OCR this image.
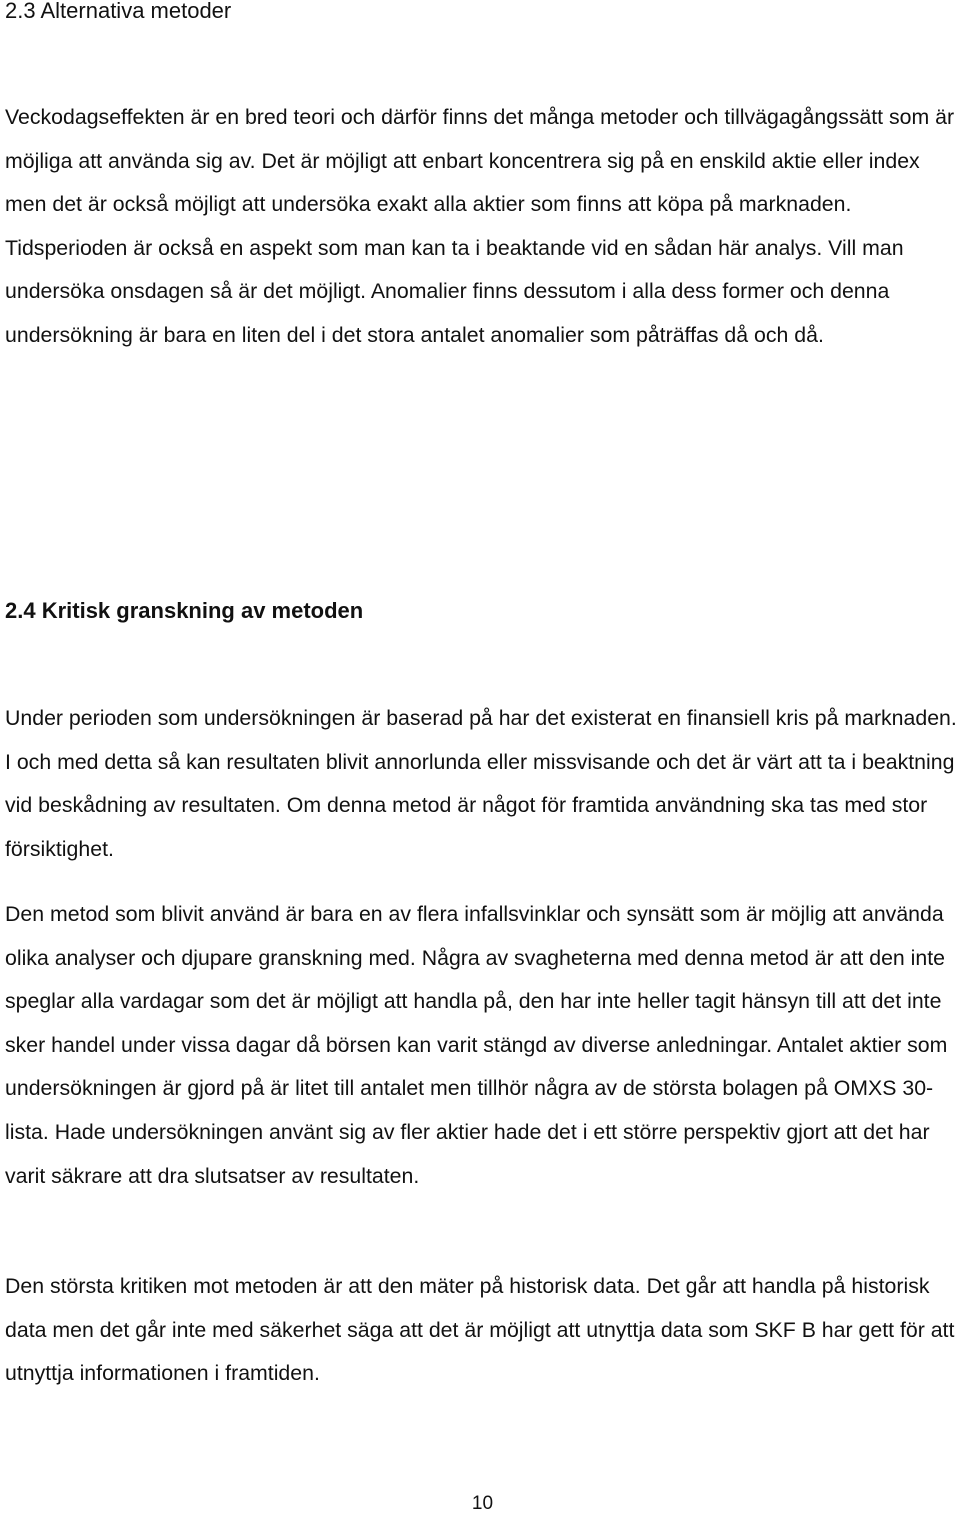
2.3 Alternativa metoder

Veckodagseffekten är en bred teori och därför finns det många metoder och tillvägagångssätt som är möjliga att använda sig av. Det är möjligt att enbart koncentrera sig på en enskild aktie eller index men det är också möjligt att undersöka exakt alla aktier som finns att köpa på marknaden. Tidsperioden är också en aspekt som man kan ta i beaktande vid en sådan här analys. Vill man undersöka onsdagen så är det möjligt. Anomalier finns dessutom i alla dess former och denna undersökning är bara en liten del i det stora antalet anomalier som påträffas då och då.

2.4 Kritisk granskning av metoden

Under perioden som undersökningen är baserad på har det existerat en finansiell kris på marknaden. I och med detta så kan resultaten blivit annorlunda eller missvisande och det är värt att ta i beaktning vid beskådning av resultaten. Om denna metod är något för framtida användning ska tas med stor försiktighet.

Den metod som blivit använd är bara en av flera infallsvinklar och synsätt som är möjlig att använda olika analyser och djupare granskning med. Några av svagheterna med denna metod är att den inte speglar alla vardagar som det är möjligt att handla på, den har inte heller tagit hänsyn till att det inte sker handel under vissa dagar då börsen kan varit stängd av diverse anledningar. Antalet aktier som undersökningen är gjord på är litet till antalet men tillhör några av de största bolagen på OMXS 30-lista. Hade undersökningen använt sig av fler aktier hade det i ett större perspektiv gjort att det har varit säkrare att dra slutsatser av resultaten.

Den största kritiken mot metoden är att den mäter på historisk data. Det går att handla på historisk data men det går inte med säkerhet säga att det är möjligt att utnyttja data som SKF B har gett för att utnyttja informationen i framtiden.

10
